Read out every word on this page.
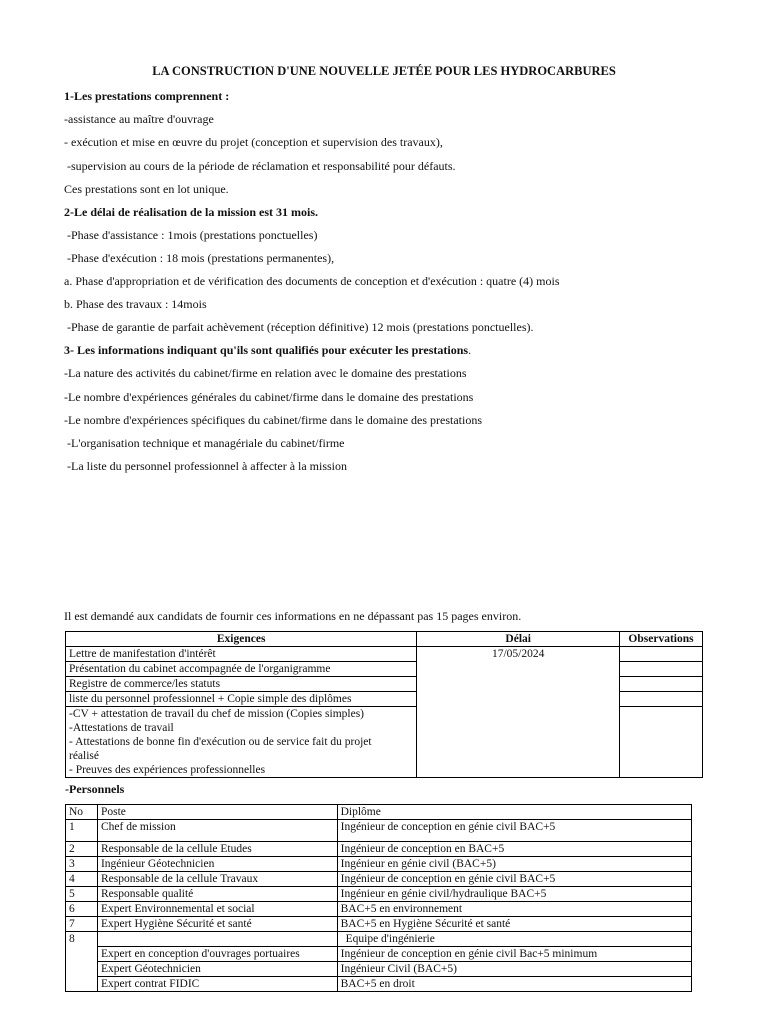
LA CONSTRUCTION D'UNE NOUVELLE JETÉE POUR LES HYDROCARBURES
1-Les prestations comprennent :
-assistance au maître d'ouvrage
- exécution et mise en œuvre du projet (conception et supervision des travaux),
-supervision au cours de la période de réclamation et responsabilité pour défauts.
Ces prestations sont en lot unique.
2-Le délai de réalisation de la mission est 31 mois.
-Phase d'assistance : 1mois (prestations ponctuelles)
-Phase d'exécution : 18 mois (prestations permanentes),
a. Phase d'appropriation et de vérification des documents de conception et d'exécution : quatre (4) mois
b. Phase des travaux : 14mois
-Phase de garantie de parfait achèvement (réception définitive) 12 mois (prestations ponctuelles).
3- Les informations indiquant qu'ils sont qualifiés pour exécuter les prestations.
-La nature des activités du cabinet/firme en relation avec le domaine des prestations
-Le nombre d'expériences générales du cabinet/firme dans le domaine des prestations
-Le nombre d'expériences spécifiques du cabinet/firme dans le domaine des prestations
-L'organisation technique et managériale du cabinet/firme
-La liste du personnel professionnel à affecter à la mission
Il est demandé aux candidats de fournir ces informations en ne dépassant pas 15 pages environ.
Exigences	Délai	Observations
Lettre de manifestation d'intérêt	17/05/2024	
Présentation du cabinet accompagnée de l'organigramme		
Registre de commerce/les statuts		
liste du personnel professionnel + Copie simple des diplômes		

-CV + attestation de travail du chef de mission (Copies simples)
-Attestations de travail
- Attestations de bonne fin d'exécution ou de service fait du projet
réalisé
- Preuves des expériences professionnelles		

-Personnels
No	Poste	Diplôme
1	Chef de mission	Ingénieur de conception en génie civil BAC+5
2	Responsable de la cellule Etudes	Ingénieur de conception en BAC+5
3	Ingénieur Géotechnicien	Ingénieur en génie civil (BAC+5)
4	Responsable de la cellule Travaux	Ingénieur de conception en génie civil BAC+5
5	Responsable qualité	Ingénieur en génie civil/hydraulique BAC+5
6	Expert Environnemental et social	BAC+5 en environnement
7	Expert Hygiène Sécurité et santé	BAC+5 en Hygiène Sécurité et santé
8		Equipe d'ingénierie
	Expert en conception d'ouvrages portuaires	Ingénieur de conception en génie civil Bac+5 minimum
	Expert Géotechnicien	Ingénieur Civil (BAC+5)
	Expert contrat FIDIC	BAC+5 en droit
